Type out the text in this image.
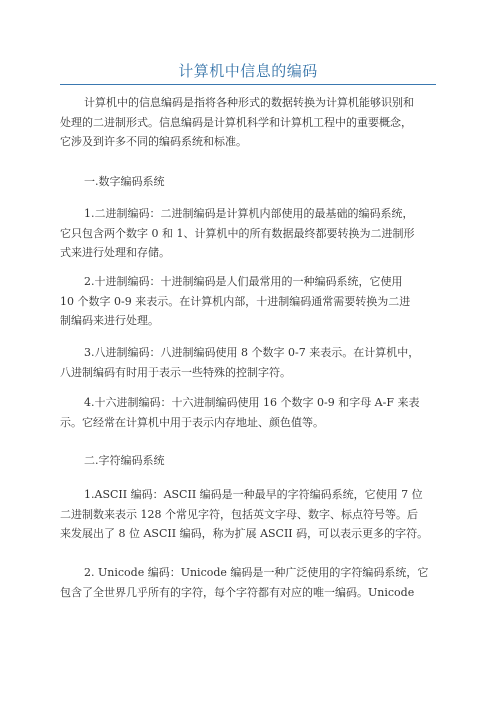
计算机中信息的编码

计算机中的信息编码是指将各种形式的数据转换为计算机能够识别和
处理的二进制形式。信息编码是计算机科学和计算机工程中的重要概念，
它涉及到许多不同的编码系统和标准。

一.数字编码系统

1.二进制编码：二进制编码是计算机内部使用的最基础的编码系统，
它只包含两个数字 0 和 1、计算机中的所有数据最终都要转换为二进制形
式来进行处理和存储。

2.十进制编码：十进制编码是人们最常用的一种编码系统，它使用
10 个数字 0-9 来表示。在计算机内部，十进制编码通常需要转换为二进
制编码来进行处理。

3.八进制编码：八进制编码使用 8 个数字 0-7 来表示。在计算机中，
八进制编码有时用于表示一些特殊的控制字符。

4.十六进制编码：十六进制编码使用 16 个数字 0-9 和字母 A-F 来表
示。它经常在计算机中用于表示内存地址、颜色值等。

二.字符编码系统

1.ASCII 编码：ASCII 编码是一种最早的字符编码系统，它使用 7 位
二进制数来表示 128 个常见字符，包括英文字母、数字、标点符号等。后
来发展出了 8 位 ASCII 编码，称为扩展 ASCII 码，可以表示更多的字符。

2. Unicode 编码：Unicode 编码是一种广泛使用的字符编码系统，它
包含了全世界几乎所有的字符，每个字符都有对应的唯一编码。Unicode
